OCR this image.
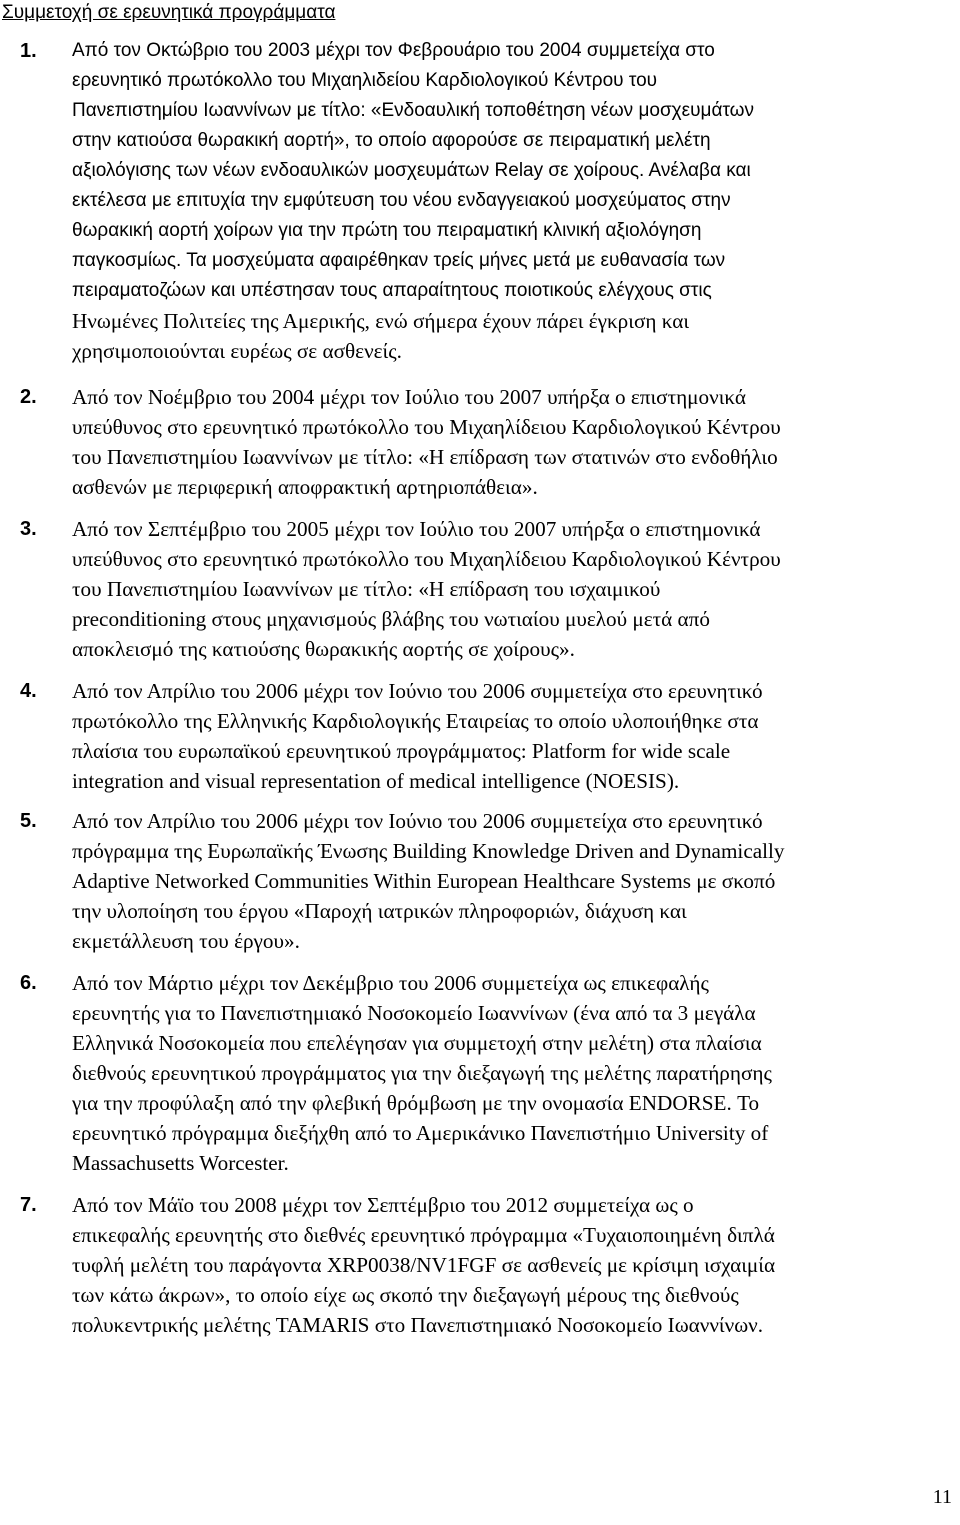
Συμμετοχή σε ερευνητικά προγράμματα
1. Από τον Οκτώβριο του 2003 μέχρι τον Φεβρουάριο του 2004 συμμετείχα στο
ερευνητικό πρωτόκολλο του Μιχαηλιδείου Καρδιολογικού Κέντρου του
Πανεπιστημίου Ιωαννίνων με τίτλο: «Ενδοαυλική τοποθέτηση νέων μοσχευμάτων
στην κατιούσα θωρακική αορτή», το οποίο αφορούσε σε πειραματική μελέτη
αξιολόγισης των νέων ενδοαυλικών μοσχευμάτων Relay σε χοίρους. Ανέλαβα και
εκτέλεσα με επιτυχία την εμφύτευση του νέου ενδαγγειακού μοσχεύματος στην
θωρακική αορτή χοίρων για την πρώτη του πειραματική κλινική αξιολόγηση
παγκοσμίως. Τα μοσχεύματα αφαιρέθηκαν τρείς μήνες μετά με ευθανασία των
πειραματοζώων και υπέστησαν τους απαραίτητους ποιοτικούς ελέγχους στις
Ηνωμένες Πολιτείες της Αμερικής, ενώ σήμερα έχουν πάρει έγκριση και
χρησιμοποιούνται ευρέως σε ασθενείς.
2. Από τον Νοέμβριο του 2004 μέχρι τον Ιούλιο του 2007 υπήρξα ο επιστημονικά
υπεύθυνος στο ερευνητικό πρωτόκολλο του Μιχαηλίδειου Καρδιολογικού Κέντρου
του Πανεπιστημίου Ιωαννίνων με τίτλο: «Η επίδραση των στατινών στο ενδοθήλιο
ασθενών με περιφερική αποφρακτική αρτηριοπάθεια».
3. Από τον Σεπτέμβριο του 2005 μέχρι τον Ιούλιο του 2007 υπήρξα ο επιστημονικά
υπεύθυνος στο ερευνητικό πρωτόκολλο του Μιχαηλίδειου Καρδιολογικού Κέντρου
του Πανεπιστημίου Ιωαννίνων με τίτλο: «Η επίδραση του ισχαιμικού
preconditioning στους μηχανισμούς βλάβης του νωτιαίου μυελού μετά από
αποκλεισμό της κατιούσης θωρακικής αορτής σε χοίρους».
4. Από τον Απρίλιο του 2006 μέχρι τον Ιούνιο του 2006 συμμετείχα στο ερευνητικό
πρωτόκολλο της Ελληνικής Καρδιολογικής Εταιρείας το οποίο υλοποιήθηκε στα
πλαίσια του ευρωπαϊκού ερευνητικού προγράμματος: Platform for wide scale
integration and visual representation of medical intelligence (NOESIS).
5. Από τον Απρίλιο του 2006 μέχρι τον Ιούνιο του 2006 συμμετείχα στο ερευνητικό
πρόγραμμα της Ευρωπαϊκής Ένωσης Building Knowledge Driven and Dynamically
Adaptive Networked Communities Within European Healthcare Systems με σκοπό
την υλοποίηση του έργου «Παροχή ιατρικών πληροφοριών, διάχυση και
εκμετάλλευση του έργου».
6. Από τον Μάρτιο μέχρι τον Δεκέμβριο του 2006 συμμετείχα ως επικεφαλής
ερευνητής για το Πανεπιστημιακό Νοσοκομείο Ιωαννίνων (ένα από τα 3 μεγάλα
Ελληνικά Νοσοκομεία που επελέγησαν για συμμετοχή στην μελέτη) στα πλαίσια
διεθνούς ερευνητικού προγράμματος για την διεξαγωγή της μελέτης παρατήρησης
για την προφύλαξη από την φλεβική θρόμβωση με την ονομασία ENDORSE. Το
ερευνητικό πρόγραμμα διεξήχθη από το Αμερικάνικο Πανεπιστήμιο University of
Massachusetts Worcester.
7. Από τον Μάϊο του 2008 μέχρι τον Σεπτέμβριο του 2012 συμμετείχα ως ο
επικεφαλής ερευνητής στο διεθνές ερευνητικό πρόγραμμα «Τυχαιοποιημένη διπλά
τυφλή μελέτη του παράγοντα XRP0038/NV1FGF σε ασθενείς με κρίσιμη ισχαιμία
των κάτω άκρων», το οποίο είχε ως σκοπό την διεξαγωγή μέρους της διεθνούς
πολυκεντρικής μελέτης TAMARIS στο Πανεπιστημιακό Νοσοκομείο Ιωαννίνων.
11
